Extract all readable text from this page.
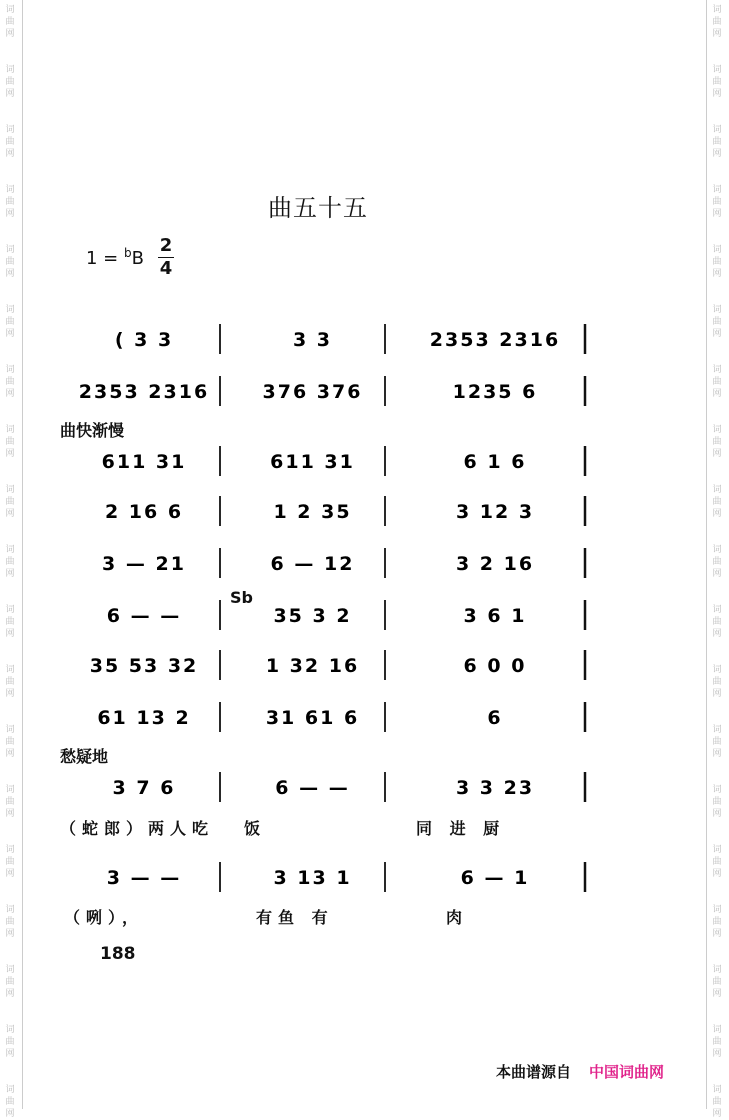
词
曲
网
词
曲
网
词
曲
网
词
曲
网
词
曲
网
词
曲
网
词
曲
网
词
曲
网
词
曲
网
词
曲
网
词
曲
网
词
曲
网
词
曲
网
词
曲
网
词
曲
网
词
曲
网
词
曲
网
词
曲
网
词
曲
网
词
曲
网
词
曲
网
词
曲
网
词
曲
网
词
曲
网
词
曲
网
词
曲
网
词
曲
网
词
曲
网
词
曲
网
词
曲
网
词
曲
网
词
曲
网
词
曲
网
词
曲
网
词
曲
网
词
曲
网
词
曲
网
词
曲
网
曲五十五
1 = $^b$B
2
4
曲快渐慢
愁疑地
( 3 3	3 3	2353 2316
2353 2316	376 376	1235 6
611 31	611 31	6 1 6
2 16 6	1 2 35	3 12 3
3 — 21	6 — 12	3 2 16
6 — —	35 3 2	3 6 1
35 53 32	1 32 16	6 0 0
61 13 2	31 61 6	6
3 7 6	6 — —	3 3 23
3 — —	3 13 1	6 — 1
（蛇郎）两人吃 饭	同 进 厨
（咧），	有鱼 有	肉
188
本曲谱源自 中国词曲网
Sb
